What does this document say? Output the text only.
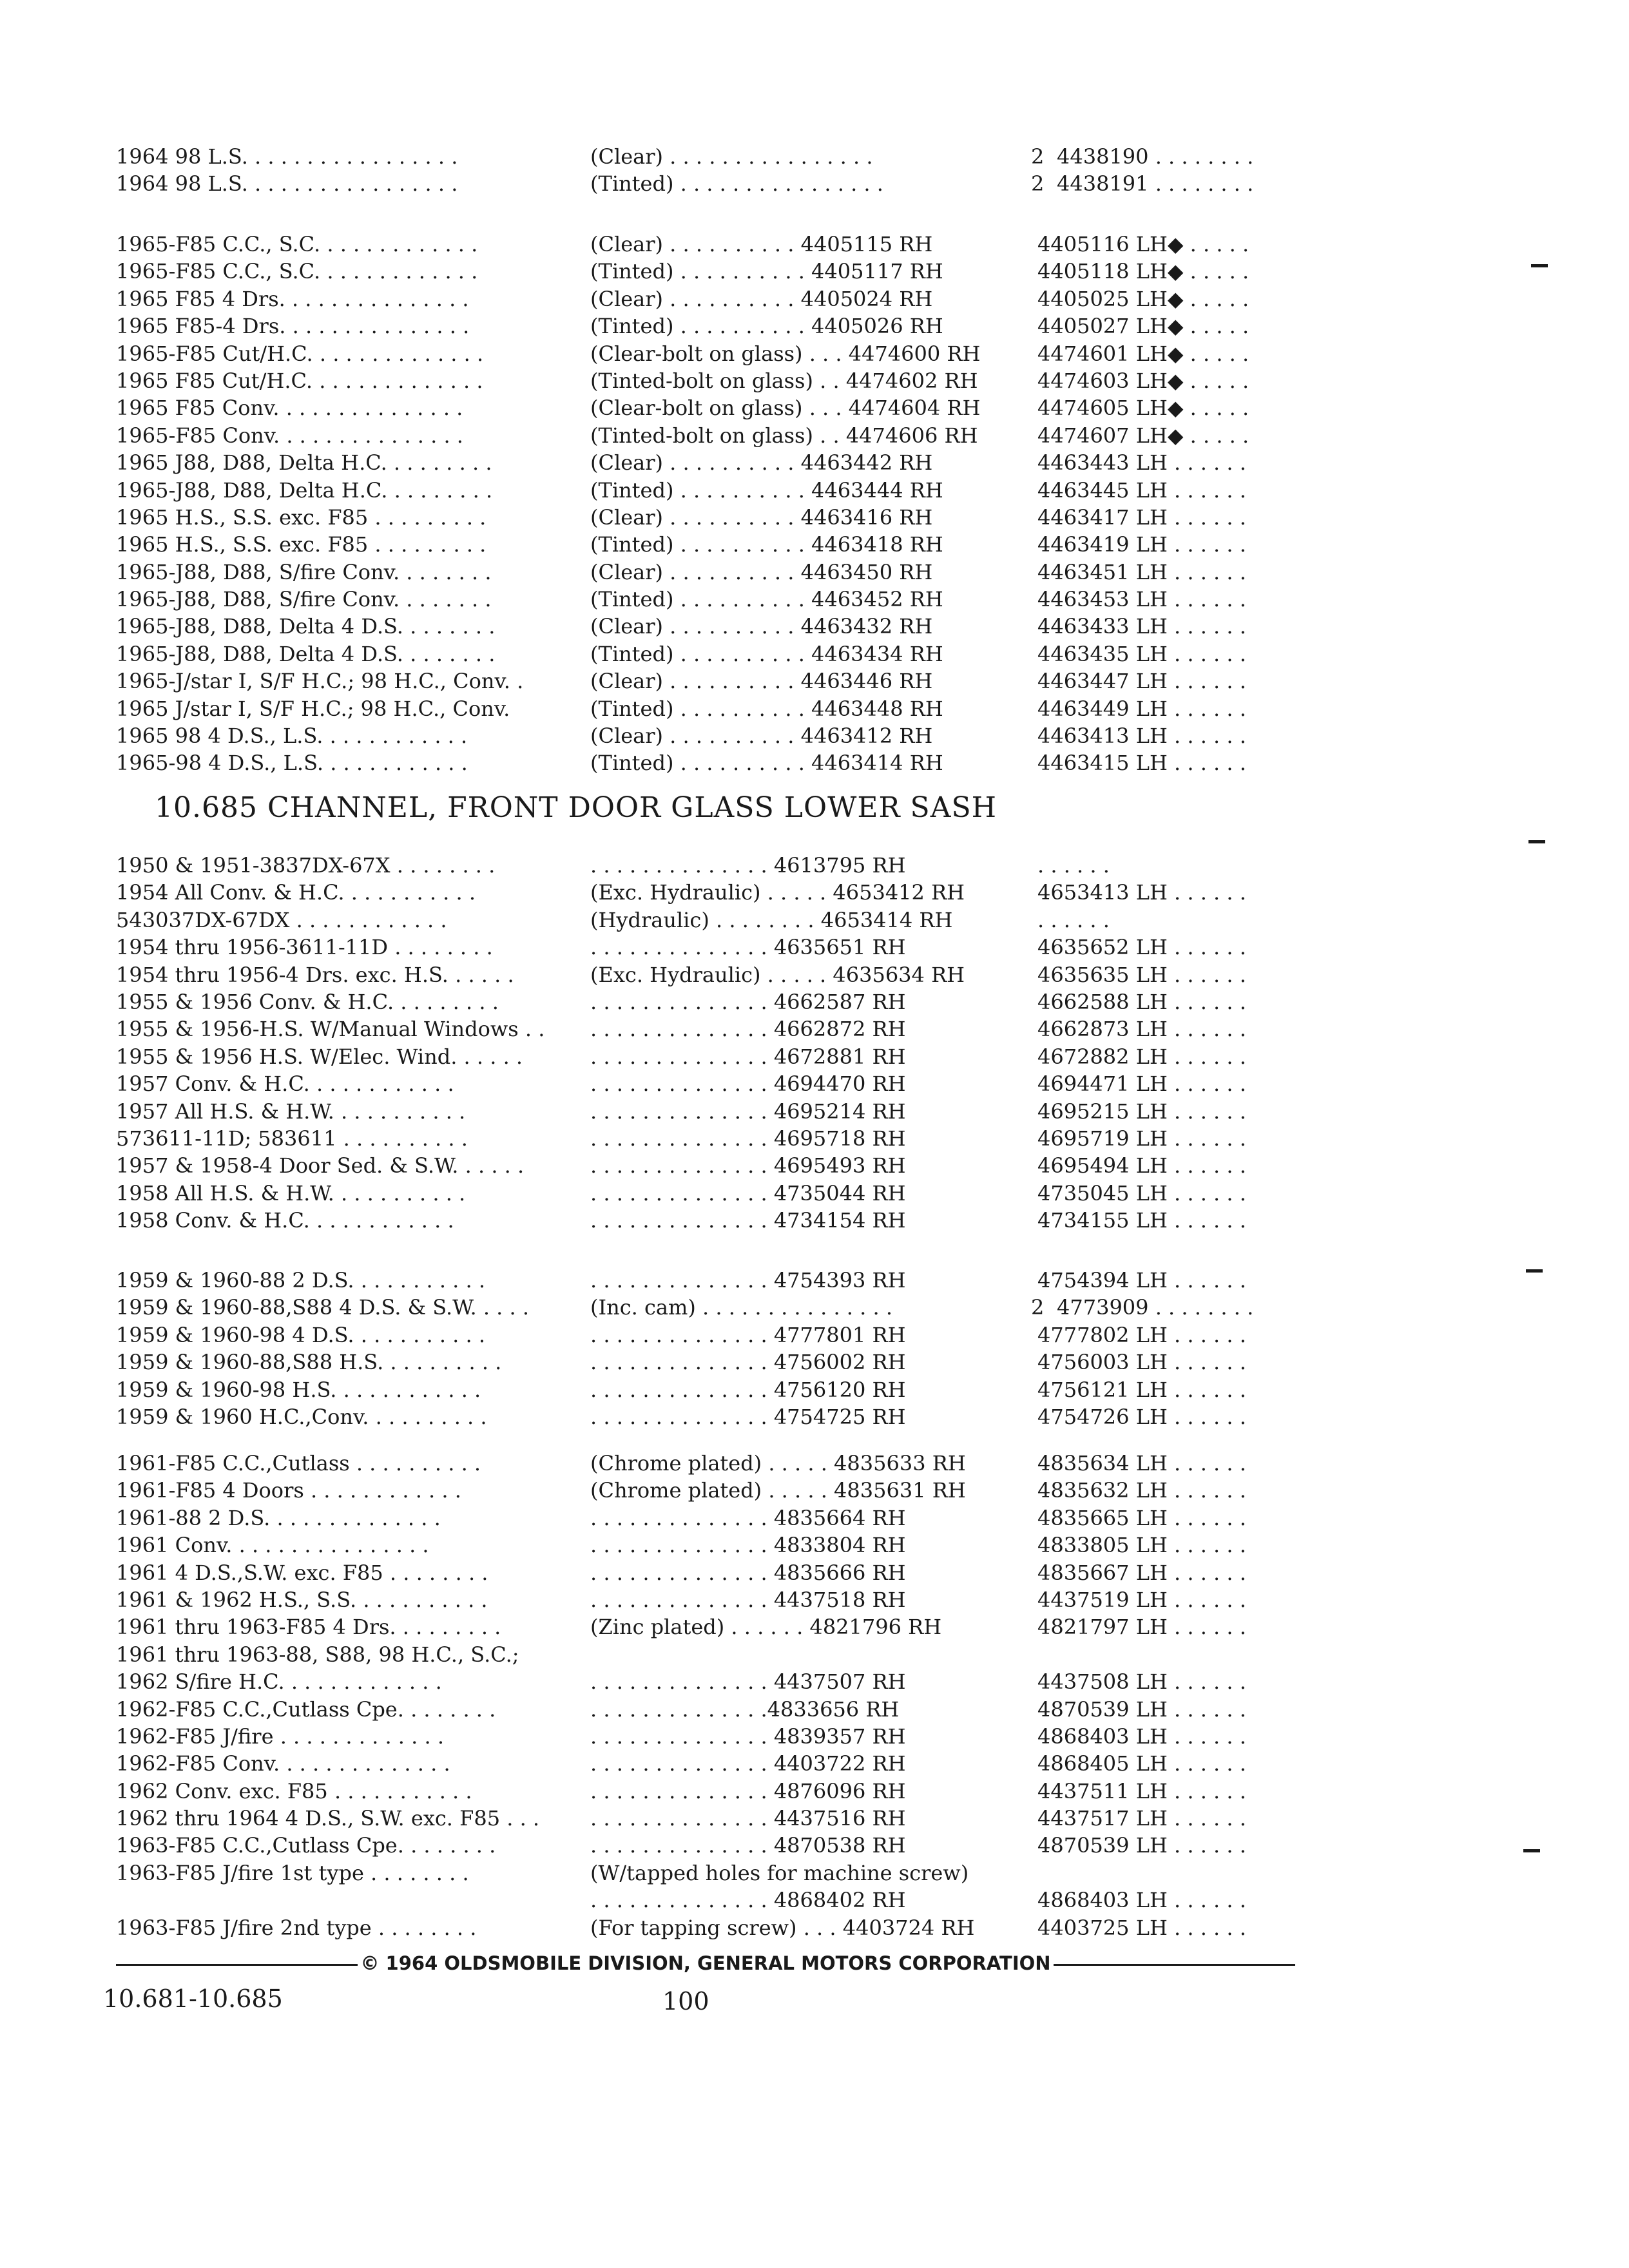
1964 98 L.S. . . . . . . . . . . . . . . . .	(Clear) . . . . . . . . . . . . . . . .	2 4438190 . . . . . . . .
1964 98 L.S. . . . . . . . . . . . . . . . .	(Tinted) . . . . . . . . . . . . . . . .	2 4438191 . . . . . . . .
1965-F85 C.C., S.C. . . . . . . . . . . . .	(Clear) . . . . . . . . . . 4405115 RH	4405116 LH◆ . . . . .
1965-F85 C.C., S.C. . . . . . . . . . . . .	(Tinted) . . . . . . . . . . 4405117 RH	4405118 LH◆ . . . . .
1965 F85 4 Drs. . . . . . . . . . . . . . .	(Clear) . . . . . . . . . . 4405024 RH	4405025 LH◆ . . . . .
1965 F85-4 Drs. . . . . . . . . . . . . . .	(Tinted) . . . . . . . . . . 4405026 RH	4405027 LH◆ . . . . .
1965-F85 Cut/H.C. . . . . . . . . . . . . .	(Clear-bolt on glass) . . . 4474600 RH	4474601 LH◆ . . . . .
1965 F85 Cut/H.C. . . . . . . . . . . . . .	(Tinted-bolt on glass) . . 4474602 RH	4474603 LH◆ . . . . .
1965 F85 Conv. . . . . . . . . . . . . . .	(Clear-bolt on glass) . . . 4474604 RH	4474605 LH◆ . . . . .
1965-F85 Conv. . . . . . . . . . . . . . .	(Tinted-bolt on glass) . . 4474606 RH	4474607 LH◆ . . . . .
1965 J88, D88, Delta H.C. . . . . . . . .	(Clear) . . . . . . . . . . 4463442 RH	4463443 LH . . . . . .
1965-J88, D88, Delta H.C. . . . . . . . .	(Tinted) . . . . . . . . . . 4463444 RH	4463445 LH . . . . . .
1965 H.S., S.S. exc. F85 . . . . . . . . .	(Clear) . . . . . . . . . . 4463416 RH	4463417 LH . . . . . .
1965 H.S., S.S. exc. F85 . . . . . . . . .	(Tinted) . . . . . . . . . . 4463418 RH	4463419 LH . . . . . .
1965-J88, D88, S/fire Conv. . . . . . . .	(Clear) . . . . . . . . . . 4463450 RH	4463451 LH . . . . . .
1965-J88, D88, S/fire Conv. . . . . . . .	(Tinted) . . . . . . . . . . 4463452 RH	4463453 LH . . . . . .
1965-J88, D88, Delta 4 D.S. . . . . . . .	(Clear) . . . . . . . . . . 4463432 RH	4463433 LH . . . . . .
1965-J88, D88, Delta 4 D.S. . . . . . . .	(Tinted) . . . . . . . . . . 4463434 RH	4463435 LH . . . . . .
1965-J/star I, S/F H.C.; 98 H.C., Conv. .	(Clear) . . . . . . . . . . 4463446 RH	4463447 LH . . . . . .
1965 J/star I, S/F H.C.; 98 H.C., Conv.	(Tinted) . . . . . . . . . . 4463448 RH	4463449 LH . . . . . .
1965 98 4 D.S., L.S. . . . . . . . . . . .	(Clear) . . . . . . . . . . 4463412 RH	4463413 LH . . . . . .
1965-98 4 D.S., L.S. . . . . . . . . . . .	(Tinted) . . . . . . . . . . 4463414 RH	4463415 LH . . . . . .
10.685 CHANNEL, FRONT DOOR GLASS LOWER SASH
1950 & 1951-3837DX-67X . . . . . . . .	. . . . . . . . . . . . . . 4613795 RH	. . . . . .
1954 All Conv. & H.C. . . . . . . . . . .	(Exc. Hydraulic) . . . . . 4653412 RH	4653413 LH . . . . . .
543037DX-67DX . . . . . . . . . . . .	(Hydraulic) . . . . . . . . 4653414 RH	. . . . . .
1954 thru 1956-3611-11D . . . . . . . .	. . . . . . . . . . . . . . 4635651 RH	4635652 LH . . . . . .
1954 thru 1956-4 Drs. exc. H.S. . . . . .	(Exc. Hydraulic) . . . . . 4635634 RH	4635635 LH . . . . . .
1955 & 1956 Conv. & H.C. . . . . . . . .	. . . . . . . . . . . . . . 4662587 RH	4662588 LH . . . . . .
1955 & 1956-H.S. W/Manual Windows . . . . . . . . . . . . . . . . 4662872 RH	4662873 LH . . . . . .
1955 & 1956 H.S. W/Elec. Wind. . . . . .	. . . . . . . . . . . . . . 4672881 RH	4672882 LH . . . . . .
1957 Conv. & H.C. . . . . . . . . . . .	. . . . . . . . . . . . . . 4694470 RH	4694471 LH . . . . . .
1957 All H.S. & H.W. . . . . . . . . . .	. . . . . . . . . . . . . . 4695214 RH	4695215 LH . . . . . .
573611-11D; 583611 . . . . . . . . . .	. . . . . . . . . . . . . . 4695718 RH	4695719 LH . . . . . .
1957 & 1958-4 Door Sed. & S.W. . . . . .	. . . . . . . . . . . . . . 4695493 RH	4695494 LH . . . . . .
1958 All H.S. & H.W. . . . . . . . . . .	. . . . . . . . . . . . . . 4735044 RH	4735045 LH . . . . . .
1958 Conv. & H.C. . . . . . . . . . . .	. . . . . . . . . . . . . . 4734154 RH	4734155 LH . . . . . .
1959 & 1960-88 2 D.S. . . . . . . . . . .	. . . . . . . . . . . . . . 4754393 RH	4754394 LH . . . . . .
1959 & 1960-88,S88 4 D.S. & S.W. . . . .	(Inc. cam) . . . . . . . . . . . . . . .	2 4773909 . . . . . . . .
1959 & 1960-98 4 D.S. . . . . . . . . . .	. . . . . . . . . . . . . . 4777801 RH	4777802 LH . . . . . .
1959 & 1960-88,S88 H.S. . . . . . . . . .	. . . . . . . . . . . . . . 4756002 RH	4756003 LH . . . . . .
1959 & 1960-98 H.S. . . . . . . . . . . .	. . . . . . . . . . . . . . 4756120 RH	4756121 LH . . . . . .
1959 & 1960 H.C.,Conv. . . . . . . . . .	. . . . . . . . . . . . . . 4754725 RH	4754726 LH . . . . . .
1961-F85 C.C.,Cutlass . . . . . . . . . .	(Chrome plated) . . . . . 4835633 RH	4835634 LH . . . . . .
1961-F85 4 Doors . . . . . . . . . . . .	(Chrome plated) . . . . . 4835631 RH	4835632 LH . . . . . .
1961-88 2 D.S. . . . . . . . . . . . . .	. . . . . . . . . . . . . . 4835664 RH	4835665 LH . . . . . .
1961 Conv. . . . . . . . . . . . . . . .	. . . . . . . . . . . . . . 4833804 RH	4833805 LH . . . . . .
1961 4 D.S.,S.W. exc. F85 . . . . . . . .	. . . . . . . . . . . . . . 4835666 RH	4835667 LH . . . . . .
1961 & 1962 H.S., S.S. . . . . . . . . . .	. . . . . . . . . . . . . . 4437518 RH	4437519 LH . . . . . .
1961 thru 1963-F85 4 Drs. . . . . . . . .	(Zinc plated) . . . . . . 4821796 RH	4821797 LH . . . . . .
1961 thru 1963-88, S88, 98 H.C., S.C.;
1962 S/fire H.C. . . . . . . . . . . . .	. . . . . . . . . . . . . . 4437507 RH	4437508 LH . . . . . .
1962-F85 C.C.,Cutlass Cpe. . . . . . . .	. . . . . . . . . . . . . .4833656 RH	4870539 LH . . . . . .
1962-F85 J/fire . . . . . . . . . . . . .	. . . . . . . . . . . . . . 4839357 RH	4868403 LH . . . . . .
1962-F85 Conv. . . . . . . . . . . . . .	. . . . . . . . . . . . . . 4403722 RH	4868405 LH . . . . . .
1962 Conv. exc. F85 . . . . . . . . . . .	. . . . . . . . . . . . . . 4876096 RH	4437511 LH . . . . . .
1962 thru 1964 4 D.S., S.W. exc. F85 . . . . . . . . . . . . . . . . . 4437516 RH	4437517 LH . . . . . .
1963-F85 C.C.,Cutlass Cpe. . . . . . . .	. . . . . . . . . . . . . . 4870538 RH	4870539 LH . . . . . .
1963-F85 J/fire 1st type . . . . . . . .	(W/tapped holes for machine screw)
. . . . . . . . . . . . . . 4868402 RH	4868403 LH . . . . . .
1963-F85 J/fire 2nd type . . . . . . . .	(For tapping screw) . . . 4403724 RH	4403725 LH . . . . . .
© 1964 OLDSMOBILE DIVISION, GENERAL MOTORS CORPORATION
10.681-10.685	100
